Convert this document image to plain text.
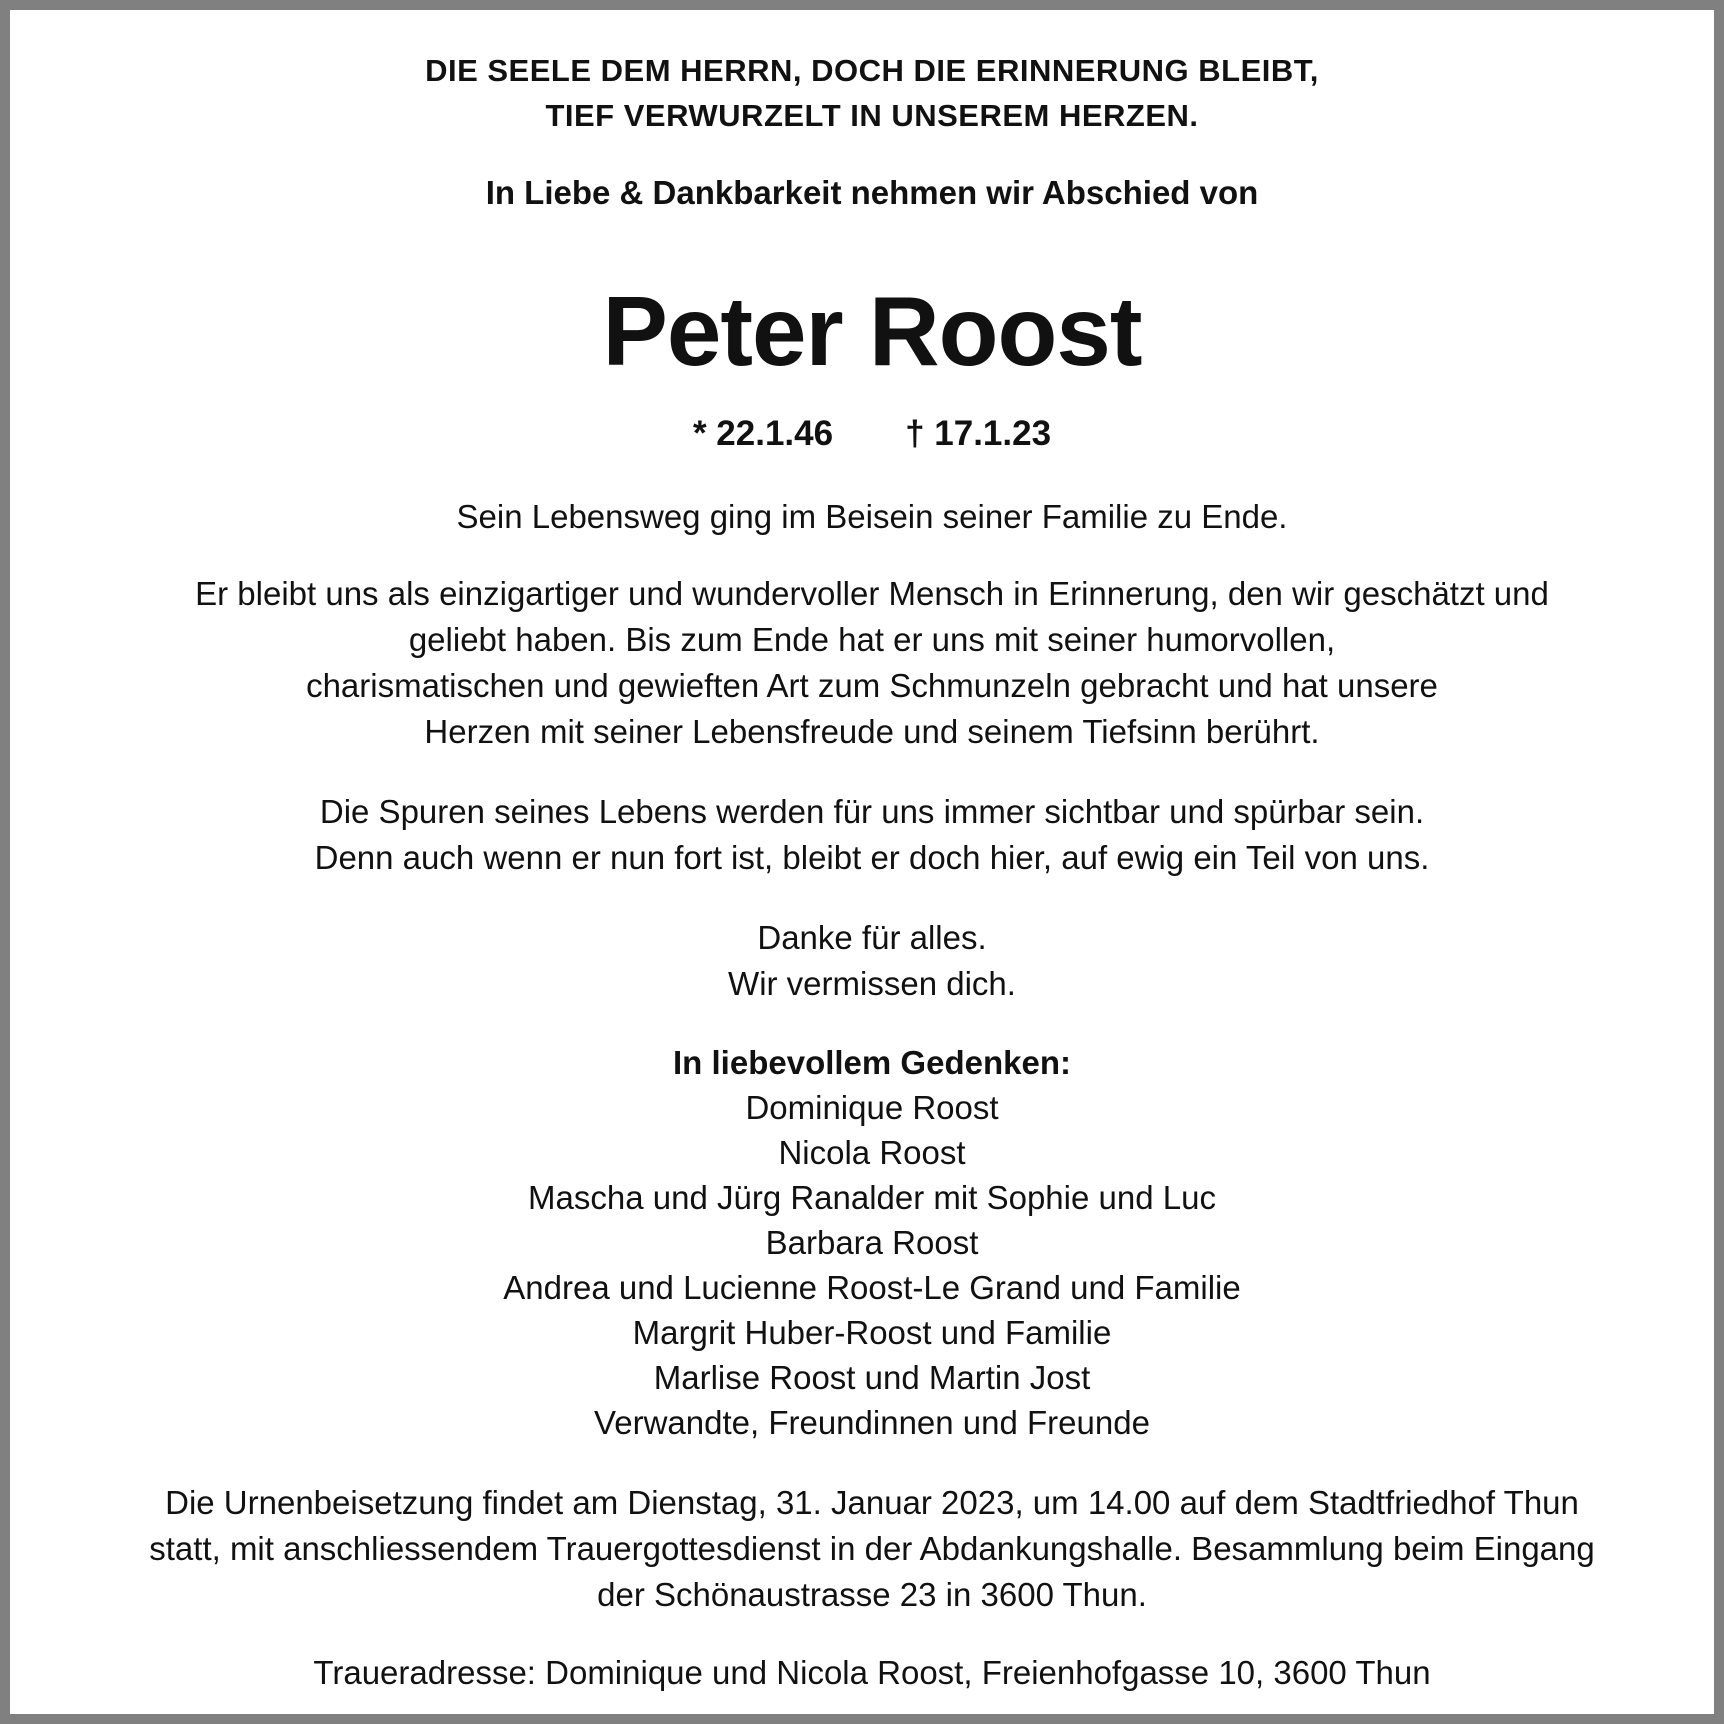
DIE SEELE DEM HERRN, DOCH DIE ERINNERUNG BLEIBT,
TIEF VERWURZELT IN UNSEREM HERZEN.
In Liebe & Dankbarkeit nehmen wir Abschied von
Peter Roost
* 22.1.46 † 17.1.23
Sein Lebensweg ging im Beisein seiner Familie zu Ende.
Er bleibt uns als einzigartiger und wundervoller Mensch in Erinnerung, den wir geschätzt und
geliebt haben. Bis zum Ende hat er uns mit seiner humorvollen,
charismatischen und gewieften Art zum Schmunzeln gebracht und hat unsere
Herzen mit seiner Lebensfreude und seinem Tiefsinn berührt.
Die Spuren seines Lebens werden für uns immer sichtbar und spürbar sein.
Denn auch wenn er nun fort ist, bleibt er doch hier, auf ewig ein Teil von uns.
Danke für alles.
Wir vermissen dich.
In liebevollem Gedenken:
Dominique Roost
Nicola Roost
Mascha und Jürg Ranalder mit Sophie und Luc
Barbara Roost
Andrea und Lucienne Roost-Le Grand und Familie
Margrit Huber-Roost und Familie
Marlise Roost und Martin Jost
Verwandte, Freundinnen und Freunde
Die Urnenbeisetzung findet am Dienstag, 31. Januar 2023, um 14.00 auf dem Stadtfriedhof Thun
statt, mit anschliessendem Trauergottesdienst in der Abdankungshalle. Besammlung beim Eingang
der Schönaustrasse 23 in 3600 Thun.
Traueradresse: Dominique und Nicola Roost, Freienhofgasse 10, 3600 Thun
